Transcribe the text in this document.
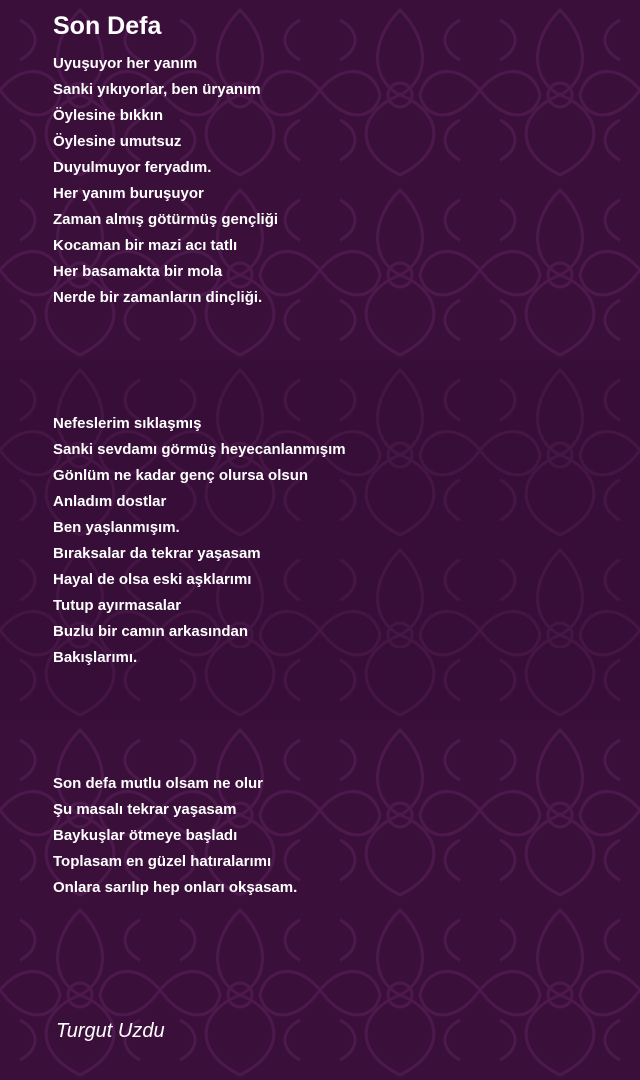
Son Defa
Uyuşuyor her yanım
Sanki yıkıyorlar, ben üryanım
Öylesine bıkkın
Öylesine umutsuz
Duyulmuyor feryadım.
Her yanım buruşuyor
Zaman almış götürmüş gençliği
Kocaman bir mazi acı tatlı
Her basamakta bir mola
Nerde bir zamanların dinçliği.
Nefeslerim sıklaşmış
Sanki sevdamı görmüş heyecanlanmışım
Gönlüm ne kadar genç olursa olsun
Anladım dostlar
Ben yaşlanmışım.
Bıraksalar da tekrar yaşasam
Hayal de olsa eski aşklarımı
Tutup ayırmasalar
Buzlu bir camın arkasından
Bakışlarımı.
Son defa mutlu olsam ne olur
Şu masalı tekrar yaşasam
Baykuşlar ötmeye başladı
Toplasam en güzel hatıralarımı
Onlara sarılıp hep onları okşasam.
Turgut Uzdu
